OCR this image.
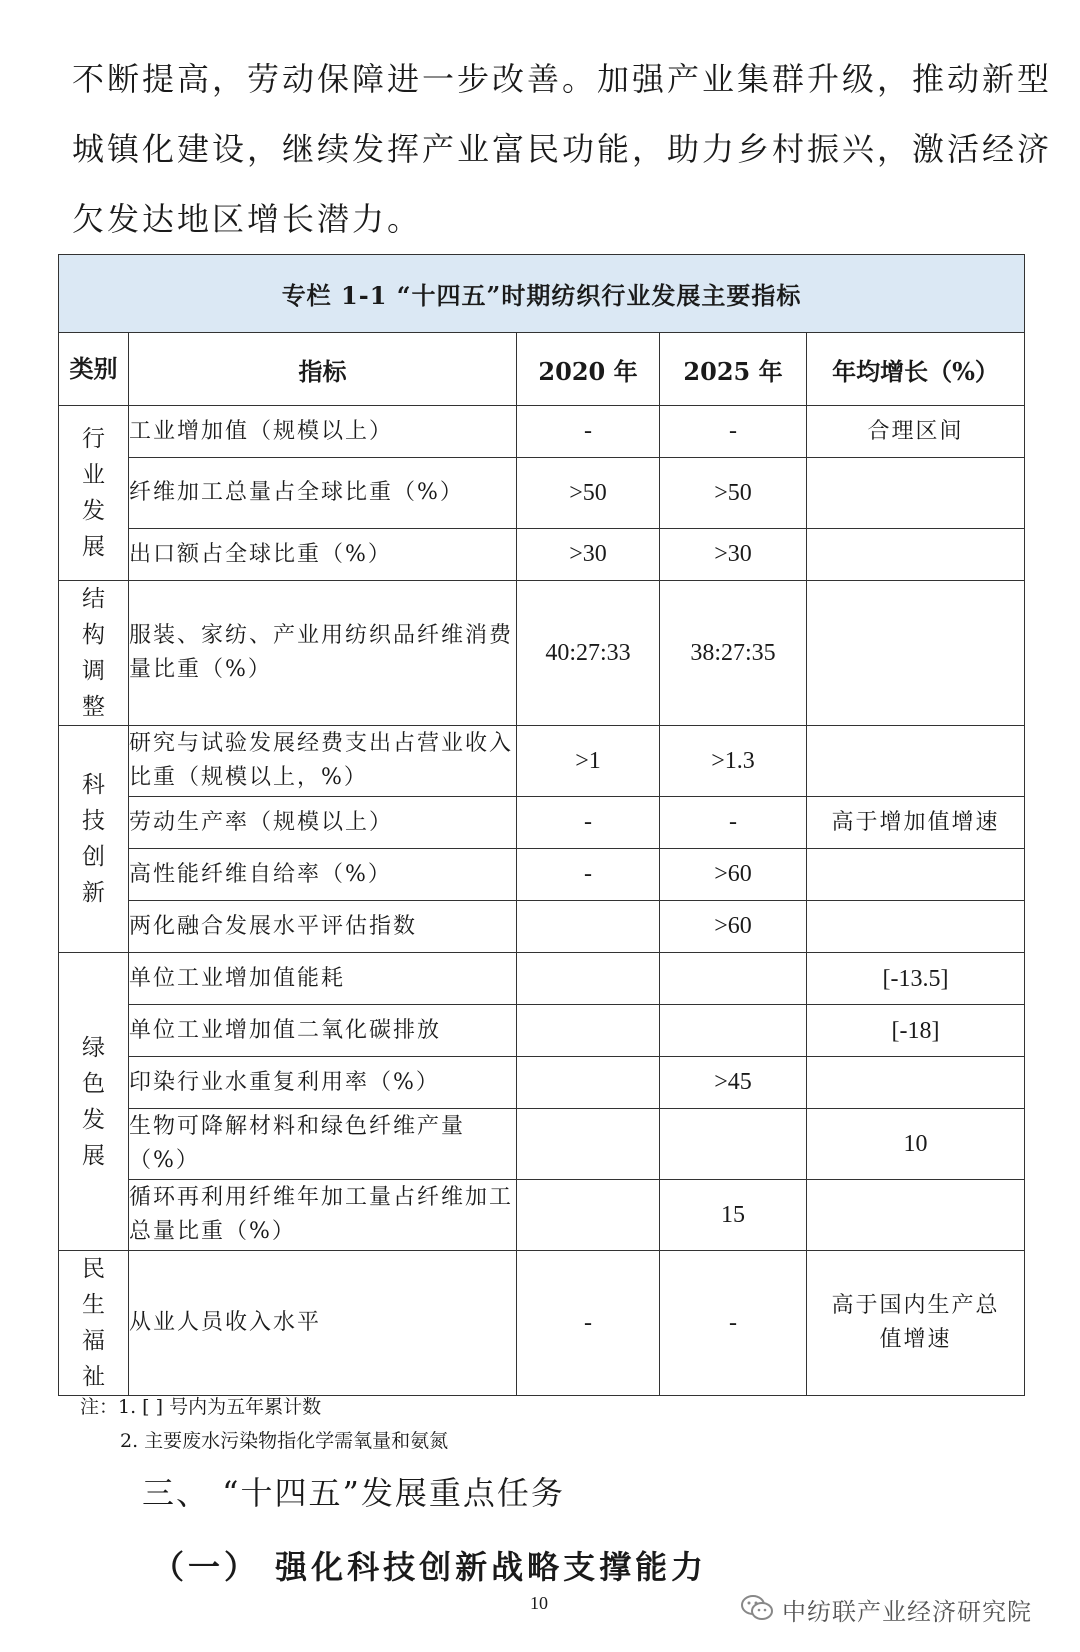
不断提高，劳动保障进一步改善。加强产业集群升级，推动新型
城镇化建设，继续发挥产业富民功能，助力乡村振兴，激活经济
欠发达地区增长潜力。
专栏 1-1 “十四五”时期纺织行业发展主要指标				
类别	指标	2020 年	2025 年	年均增长（%）

行业发展	工业增加值（规模以上）	-	-	合理区间
	纤维加工总量占全球比重（%）	>50	>50	
	出口额占全球比重（%）	>30	>30	

结构调整	服装、家纺、产业用纺织品纤维消费量比重（%）	40:27:33	38:27:35	

科技创新	研究与试验发展经费支出占营业收入比重（规模以上，%）	>1	>1.3	
	劳动生产率（规模以上）	-	-	高于增加值增速
	高性能纤维自给率（%）	-	>60	
	两化融合发展水平评估指数		>60	

绿色发展	单位工业增加值能耗			[-13.5]
	单位工业增加值二氧化碳排放			[-18]
	印染行业水重复利用率（%）		>45	
	生物可降解材料和绿色纤维产量（%）			10
	循环再利用纤维年加工量占纤维加工总量比重（%）		15	

民生福祉	从业人员收入水平	-	-	高于国内生产总值增速
注：1. [ ] 号内为五年累计数
2. 主要废水污染物指化学需氧量和氨氮
三、 “十四五”发展重点任务
（一） 强化科技创新战略支撑能力
10	中纺联产业经济研究院
